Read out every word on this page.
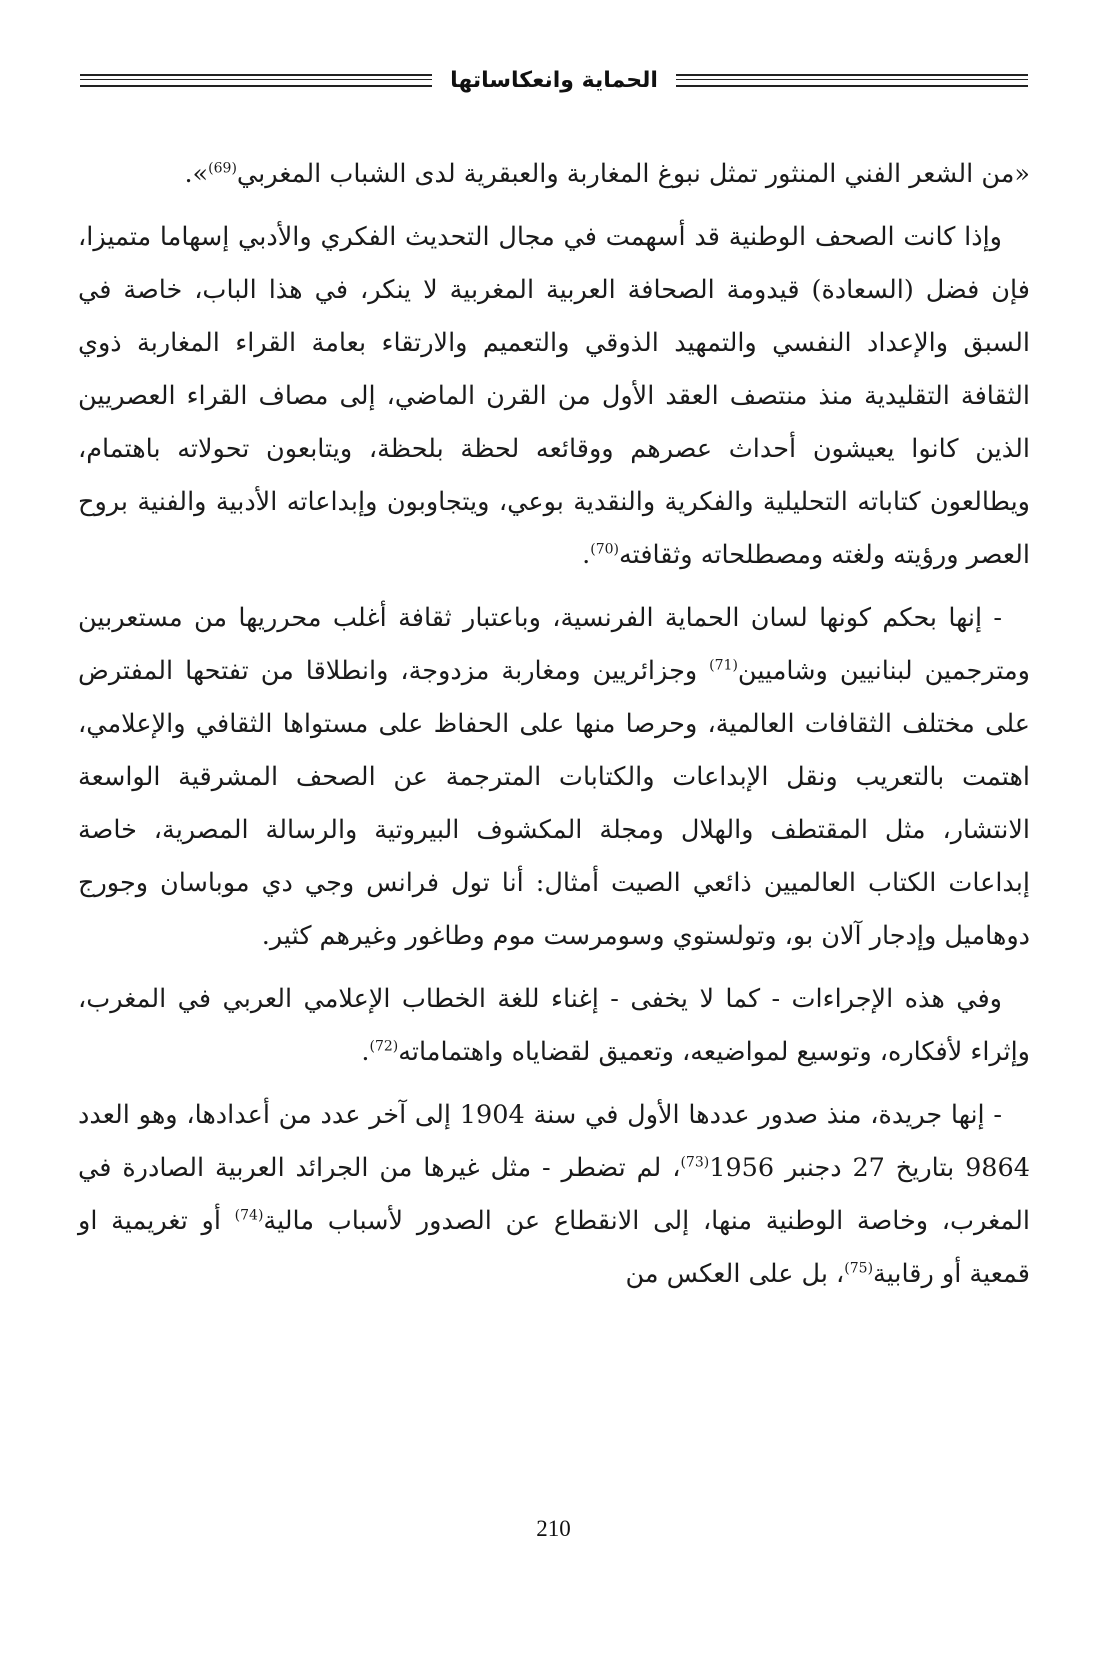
الحماية وانعكاساتها

«من الشعر الفني المنثور تمثل نبوغ المغاربة والعبقرية لدى الشباب المغربي$^{(69)}$».

وإذا كانت الصحف الوطنية قد أسهمت في مجال التحديث الفكري والأدبي إسهاما متميزا، فإن فضل (السعادة) قيدومة الصحافة العربية المغربية لا ينكر، في هذا الباب، خاصة في السبق والإعداد النفسي والتمهيد الذوقي والتعميم والارتقاء بعامة القراء المغاربة ذوي الثقافة التقليدية منذ منتصف العقد الأول من القرن الماضي، إلى مصاف القراء العصريين الذين كانوا يعيشون أحداث عصرهم ووقائعه لحظة بلحظة، ويتابعون تحولاته باهتمام، ويطالعون كتاباته التحليلية والفكرية والنقدية بوعي، ويتجاوبون وإبداعاته الأدبية والفنية بروح العصر ورؤيته ولغته ومصطلحاته وثقافته$^{(70)}$.

- إنها بحكم كونها لسان الحماية الفرنسية، وباعتبار ثقافة أغلب محرريها من مستعربين ومترجمين لبنانيين وشاميين$^{(71)}$ وجزائريين ومغاربة مزدوجة، وانطلاقا من تفتحها المفترض على مختلف الثقافات العالمية، وحرصا منها على الحفاظ على مستواها الثقافي والإعلامي، اهتمت بالتعريب ونقل الإبداعات والكتابات المترجمة عن الصحف المشرقية الواسعة الانتشار، مثل المقتطف والهلال ومجلة المكشوف البيروتية والرسالة المصرية، خاصة إبداعات الكتاب العالميين ذائعي الصيت أمثال: أنا تول فرانس وجي دي موباسان وجورج دوهاميل وإدجار آلان بو، وتولستوي وسومرست موم وطاغور وغيرهم كثير.

وفي هذه الإجراءات - كما لا يخفى - إغناء للغة الخطاب الإعلامي العربي في المغرب، وإثراء لأفكاره، وتوسيع لمواضيعه، وتعميق لقضاياه واهتماماته$^{(72)}$.

- إنها جريدة، منذ صدور عددها الأول في سنة 1904 إلى آخر عدد من أعدادها، وهو العدد 9864 بتاريخ 27 دجنبر 1956$^{(73)}$، لم تضطر - مثل غيرها من الجرائد العربية الصادرة في المغرب، وخاصة الوطنية منها، إلى الانقطاع عن الصدور لأسباب مالية$^{(74)}$ أو تغريمية او قمعية أو رقابية$^{(75)}$، بل على العكس من

210
